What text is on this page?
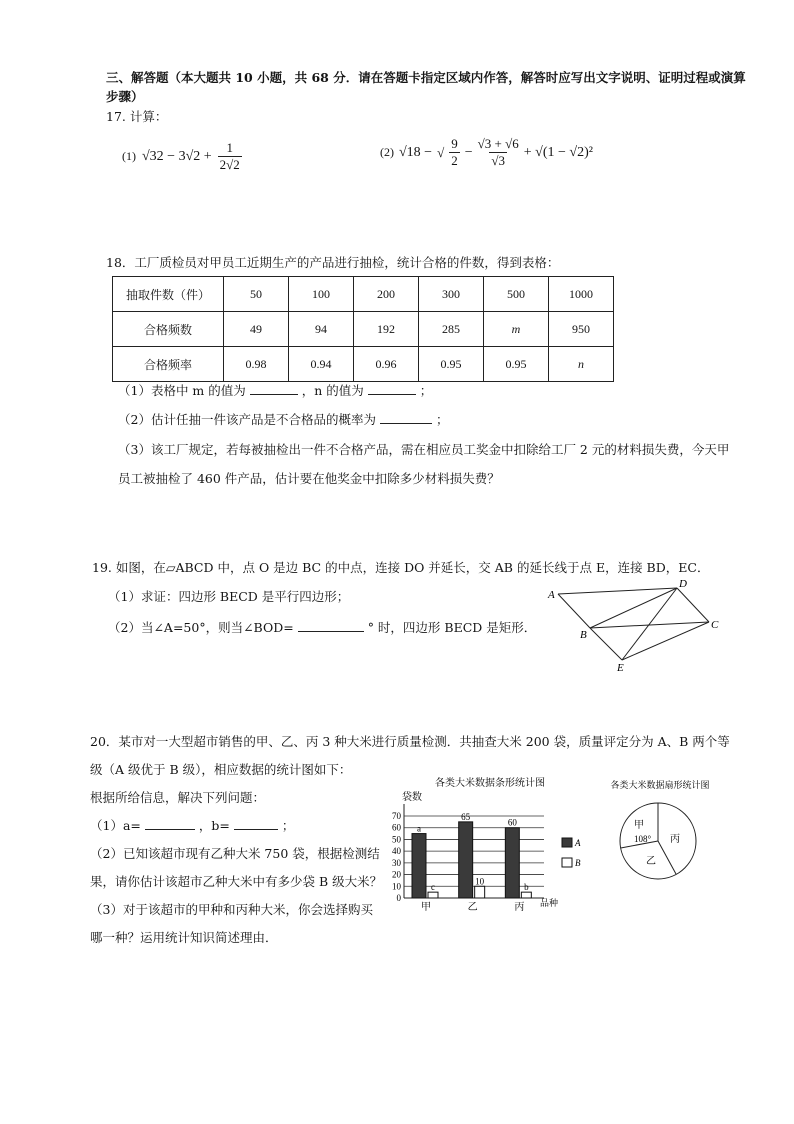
三、解答题（本大题共 10 小题，共 68 分．请在答题卡指定区域内作答，解答时应写出文字说明、证明过程或演算
步骤）
17. 计算：
(1) $√32 - 3√2 + \frac{1}{2√2}$	(2) √18 − √ $\frac{9}{2} - \frac{√3 + √6}{√3} + √(1 - √2)^2$
18．工厂质检员对甲员工近期生产的产品进行抽检，统计合格的件数，得到表格：
抽取件数（件）	50	100	200	300	500	1000
合格频数	49	94	192	285	m	950
合格频率	0.98	0.94	0.96	0.95	0.95	n
（1）表格中 m 的值为	，n 的值为	；
（2）估计任抽一件该产品是不合格品的概率为	；
（3）该工厂规定，若每被抽检出一件不合格产品，需在相应员工奖金中扣除给工厂 2 元的材料损失费，今天甲
员工被抽检了 460 件产品，估计要在他奖金中扣除多少材料损失费？
19. 如图，在▱ABCD 中，点 O 是边 BC 的中点，连接 DO 并延长，交 AB 的延长线于点 E，连接 BD，EC．
（1）求证：四边形 BECD 是平行四边形；
（2）当∠A=50°，则当∠BOD=	° 时，四边形 BECD 是矩形．
A
D
B
C
E
20．某市对一大型超市销售的甲、乙、丙 3 种大米进行质量检测．共抽查大米 200 袋，质量评定分为 A、B 两个等
级（A 级优于 B 级），相应数据的统计图如下：
根据所给信息，解决下列问题：
（1）a=	，b=	；
（2）已知该超市现有乙种大米 750 袋，根据检测结
果，请你估计该超市乙种大米中有多少袋 B 级大米？
（3）对于该超市的甲种和丙种大米，你会选择购买
哪一种？运用统计知识简述理由．
各类大米数据条形统计图
袋数
品种
0
10
20
30
40
50
60
70
a
c
甲
65
10
乙
60
b
丙
A
B
各类大米数据扇形统计图
甲
108° 丙
乙
